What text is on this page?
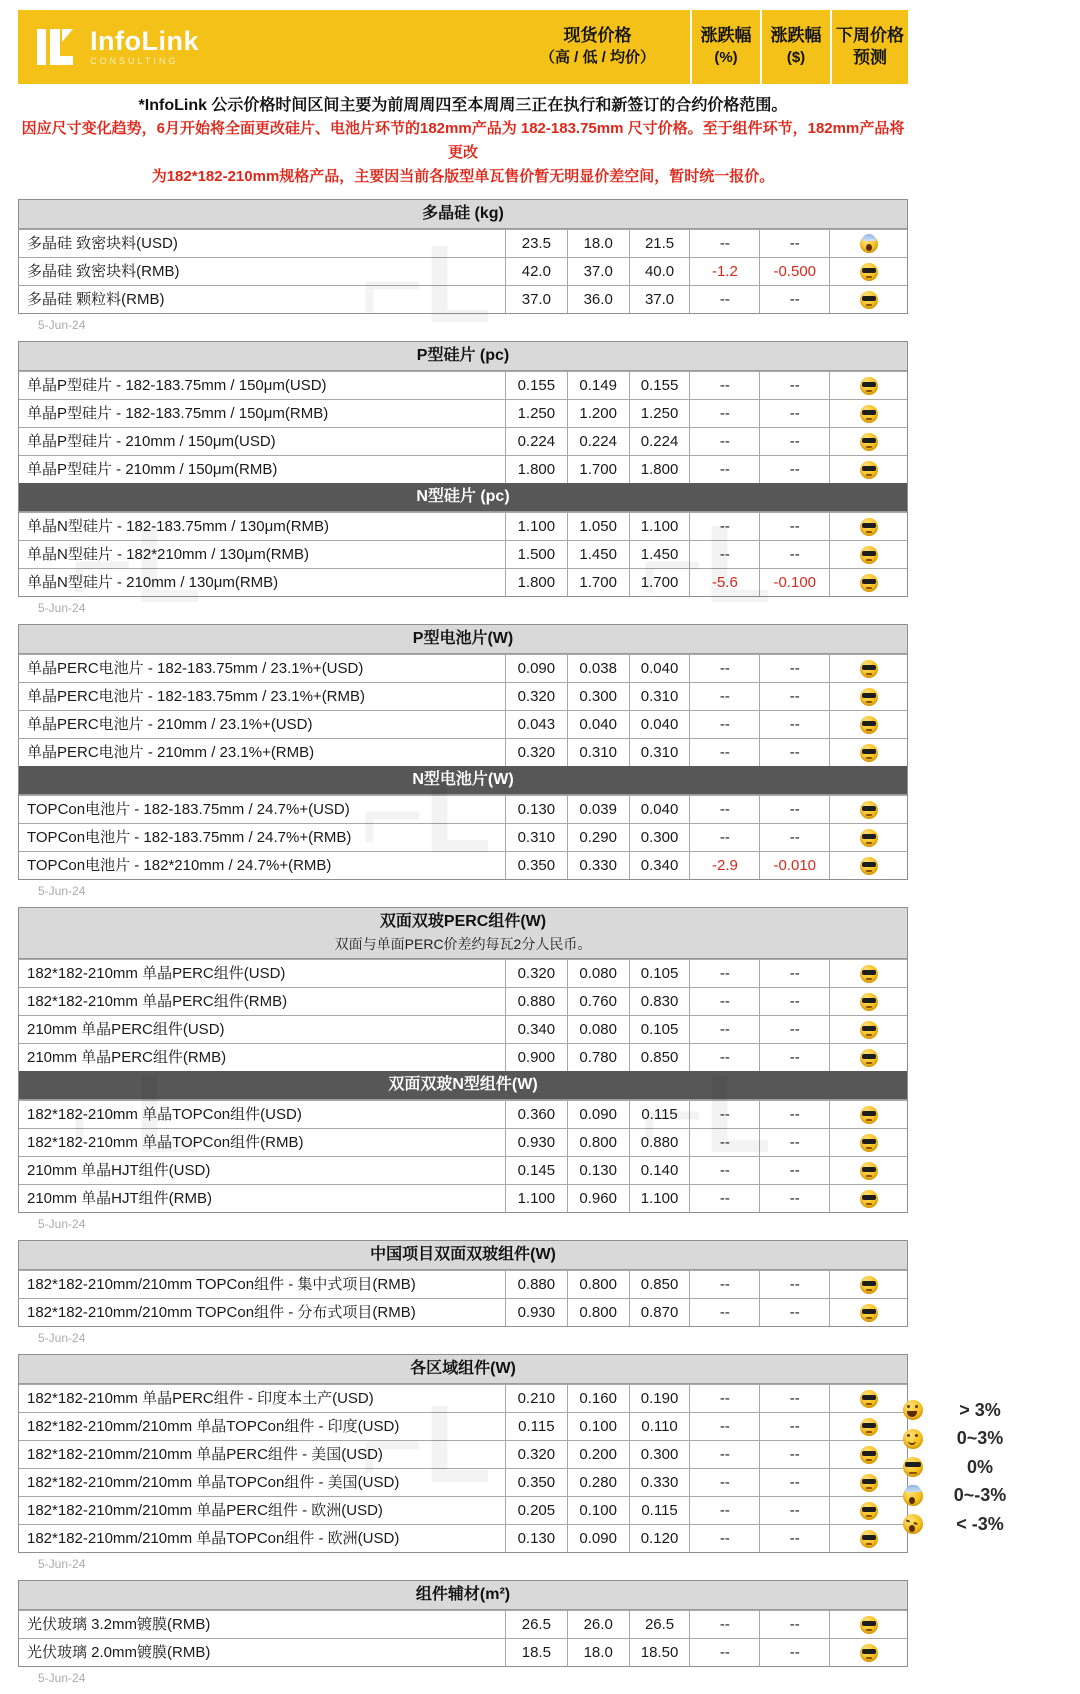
InfoLink
CONSULTING
现货价格
（高 / 低 / 均价）
涨跌幅
(%)
涨跌幅
($)
下周价格
预测
*InfoLink 公示价格时间区间主要为前周周四至本周周三正在执行和新签订的合约价格范围。
因应尺寸变化趋势，6月开始将全面更改硅片、电池片环节的182mm产品为 182-183.75mm 尺寸价格。至于组件环节，182mm产品将更改
为182*182-210mm规格产品，主要因当前各版型单瓦售价暂无明显价差空间，暂时统一报价。
多晶硅 (kg)
多晶硅 致密块料(USD)	23.5	18.0	21.5	--	--
多晶硅 致密块料(RMB)	42.0	37.0	40.0	-1.2	-0.500
多晶硅 颗粒料(RMB)	37.0	36.0	37.0	--	--
5-Jun-24
P型硅片 (pc)
单晶P型硅片 - 182-183.75mm / 150μm(USD)	0.155	0.149	0.155	--	--
单晶P型硅片 - 182-183.75mm / 150μm(RMB)	1.250	1.200	1.250	--	--
单晶P型硅片 - 210mm / 150μm(USD)	0.224	0.224	0.224	--	--
单晶P型硅片 - 210mm / 150μm(RMB)	1.800	1.700	1.800	--	--
N型硅片 (pc)
单晶N型硅片 - 182-183.75mm / 130μm(RMB)	1.100	1.050	1.100	--	--
单晶N型硅片 - 182*210mm / 130μm(RMB)	1.500	1.450	1.450	--	--
单晶N型硅片 - 210mm / 130μm(RMB)	1.800	1.700	1.700	-5.6	-0.100
5-Jun-24
P型电池片(W)
单晶PERC电池片 - 182-183.75mm / 23.1%+(USD)	0.090	0.038	0.040	--	--
单晶PERC电池片 - 182-183.75mm / 23.1%+(RMB)	0.320	0.300	0.310	--	--
单晶PERC电池片 - 210mm / 23.1%+(USD)	0.043	0.040	0.040	--	--
单晶PERC电池片 - 210mm / 23.1%+(RMB)	0.320	0.310	0.310	--	--
N型电池片(W)
TOPCon电池片 - 182-183.75mm / 24.7%+(USD)	0.130	0.039	0.040	--	--
TOPCon电池片 - 182-183.75mm / 24.7%+(RMB)	0.310	0.290	0.300	--	--
TOPCon电池片 - 182*210mm / 24.7%+(RMB)	0.350	0.330	0.340	-2.9	-0.010
5-Jun-24
双面双玻PERC组件(W)
双面与单面PERC价差约每瓦2分人民币。
182*182-210mm 单晶PERC组件(USD)	0.320	0.080	0.105	--	--
182*182-210mm 单晶PERC组件(RMB)	0.880	0.760	0.830	--	--
210mm 单晶PERC组件(USD)	0.340	0.080	0.105	--	--
210mm 单晶PERC组件(RMB)	0.900	0.780	0.850	--	--
双面双玻N型组件(W)
182*182-210mm 单晶TOPCon组件(USD)	0.360	0.090	0.115	--	--
182*182-210mm 单晶TOPCon组件(RMB)	0.930	0.800	0.880	--	--
210mm 单晶HJT组件(USD)	0.145	0.130	0.140	--	--
210mm 单晶HJT组件(RMB)	1.100	0.960	1.100	--	--
5-Jun-24
中国项目双面双玻组件(W)
182*182-210mm/210mm TOPCon组件 - 集中式项目(RMB)	0.880	0.800	0.850	--	--
182*182-210mm/210mm TOPCon组件 - 分布式项目(RMB)	0.930	0.800	0.870	--	--
5-Jun-24
各区域组件(W)
182*182-210mm 单晶PERC组件 - 印度本土产(USD)	0.210	0.160	0.190	--	--
182*182-210mm/210mm 单晶TOPCon组件 - 印度(USD)	0.115	0.100	0.110	--	--
182*182-210mm/210mm 单晶PERC组件 - 美国(USD)	0.320	0.200	0.300	--	--
182*182-210mm/210mm 单晶TOPCon组件 - 美国(USD)	0.350	0.280	0.330	--	--
182*182-210mm/210mm 单晶PERC组件 - 欧洲(USD)	0.205	0.100	0.115	--	--
182*182-210mm/210mm 单晶TOPCon组件 - 欧洲(USD)	0.130	0.090	0.120	--	--
5-Jun-24
组件辅材(m²)
光伏玻璃 3.2mm镀膜(RMB)	26.5	26.0	26.5	--	--
光伏玻璃 2.0mm镀膜(RMB)	18.5	18.0	18.50	--	--
5-Jun-24
> 3%
0~3%
0%
0~-3%
< -3%
